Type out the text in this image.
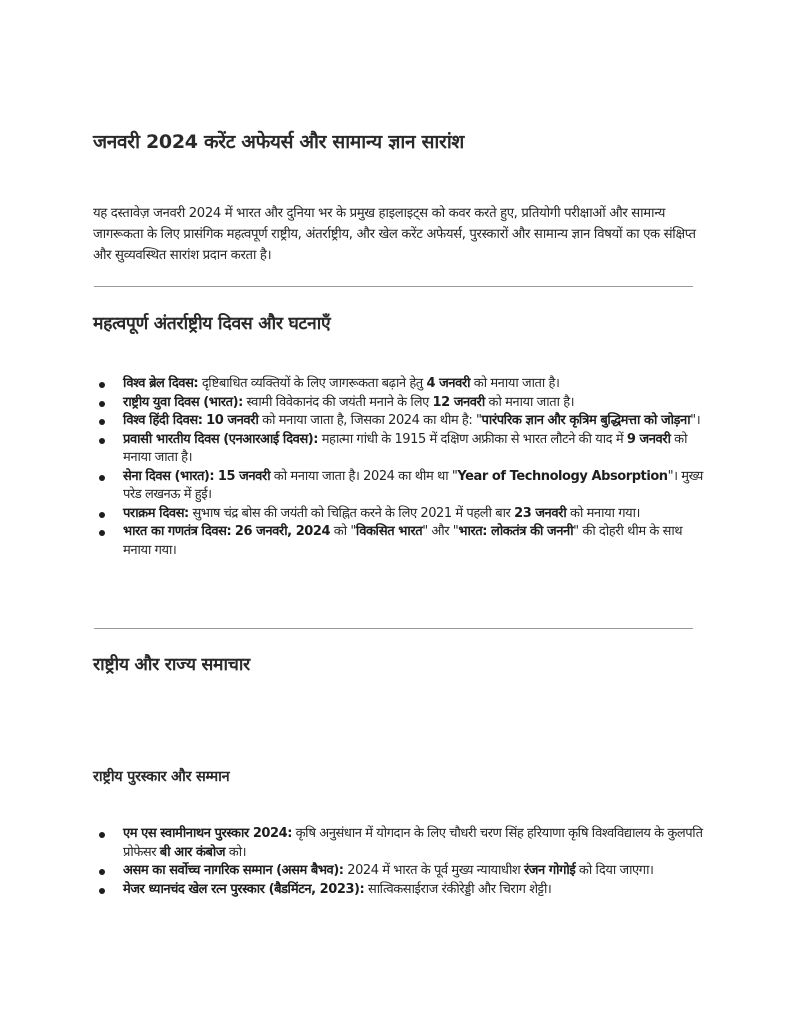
जनवरी 2024 करेंट अफेयर्स और सामान्य ज्ञान सारांश

यह दस्तावेज़ जनवरी 2024 में भारत और दुनिया भर के प्रमुख हाइलाइट्स को कवर करते हुए, प्रतियोगी परीक्षाओं और सामान्य जागरूकता के लिए प्रासंगिक महत्वपूर्ण राष्ट्रीय, अंतर्राष्ट्रीय, और खेल करेंट अफेयर्स, पुरस्कारों और सामान्य ज्ञान विषयों का एक संक्षिप्त और सुव्यवस्थित सारांश प्रदान करता है।

महत्वपूर्ण अंतर्राष्ट्रीय दिवस और घटनाएँ
विश्व ब्रेल दिवस: दृष्टिबाधित व्यक्तियों के लिए जागरूकता बढ़ाने हेतु 4 जनवरी को मनाया जाता है।
राष्ट्रीय युवा दिवस (भारत): स्वामी विवेकानंद की जयंती मनाने के लिए 12 जनवरी को मनाया जाता है।
विश्व हिंदी दिवस: 10 जनवरी को मनाया जाता है, जिसका 2024 का थीम है: "पारंपरिक ज्ञान और कृत्रिम बुद्धिमत्ता को जोड़ना"।
प्रवासी भारतीय दिवस (एनआरआई दिवस): महात्मा गांधी के 1915 में दक्षिण अफ्रीका से भारत लौटने की याद में 9 जनवरी को मनाया जाता है।
सेना दिवस (भारत): 15 जनवरी को मनाया जाता है। 2024 का थीम था "Year of Technology Absorption"। मुख्य परेड लखनऊ में हुई।
पराक्रम दिवस: सुभाष चंद्र बोस की जयंती को चिह्नित करने के लिए 2021 में पहली बार 23 जनवरी को मनाया गया।
भारत का गणतंत्र दिवस: 26 जनवरी, 2024 को "विकसित भारत" और "भारत: लोकतंत्र की जननी" की दोहरी थीम के साथ मनाया गया।
राष्ट्रीय और राज्य समाचार
राष्ट्रीय पुरस्कार और सम्मान
एम एस स्वामीनाथन पुरस्कार 2024: कृषि अनुसंधान में योगदान के लिए चौधरी चरण सिंह हरियाणा कृषि विश्वविद्यालय के कुलपति प्रोफेसर बी आर कंबोज को।
असम का सर्वोच्च नागरिक सम्मान (असम बैभव): 2024 में भारत के पूर्व मुख्य न्यायाधीश रंजन गोगोई को दिया जाएगा।
मेजर ध्यानचंद खेल रत्न पुरस्कार (बैडमिंटन, 2023): सात्विकसाईराज रंकीरेड्डी और चिराग शेट्टी।
